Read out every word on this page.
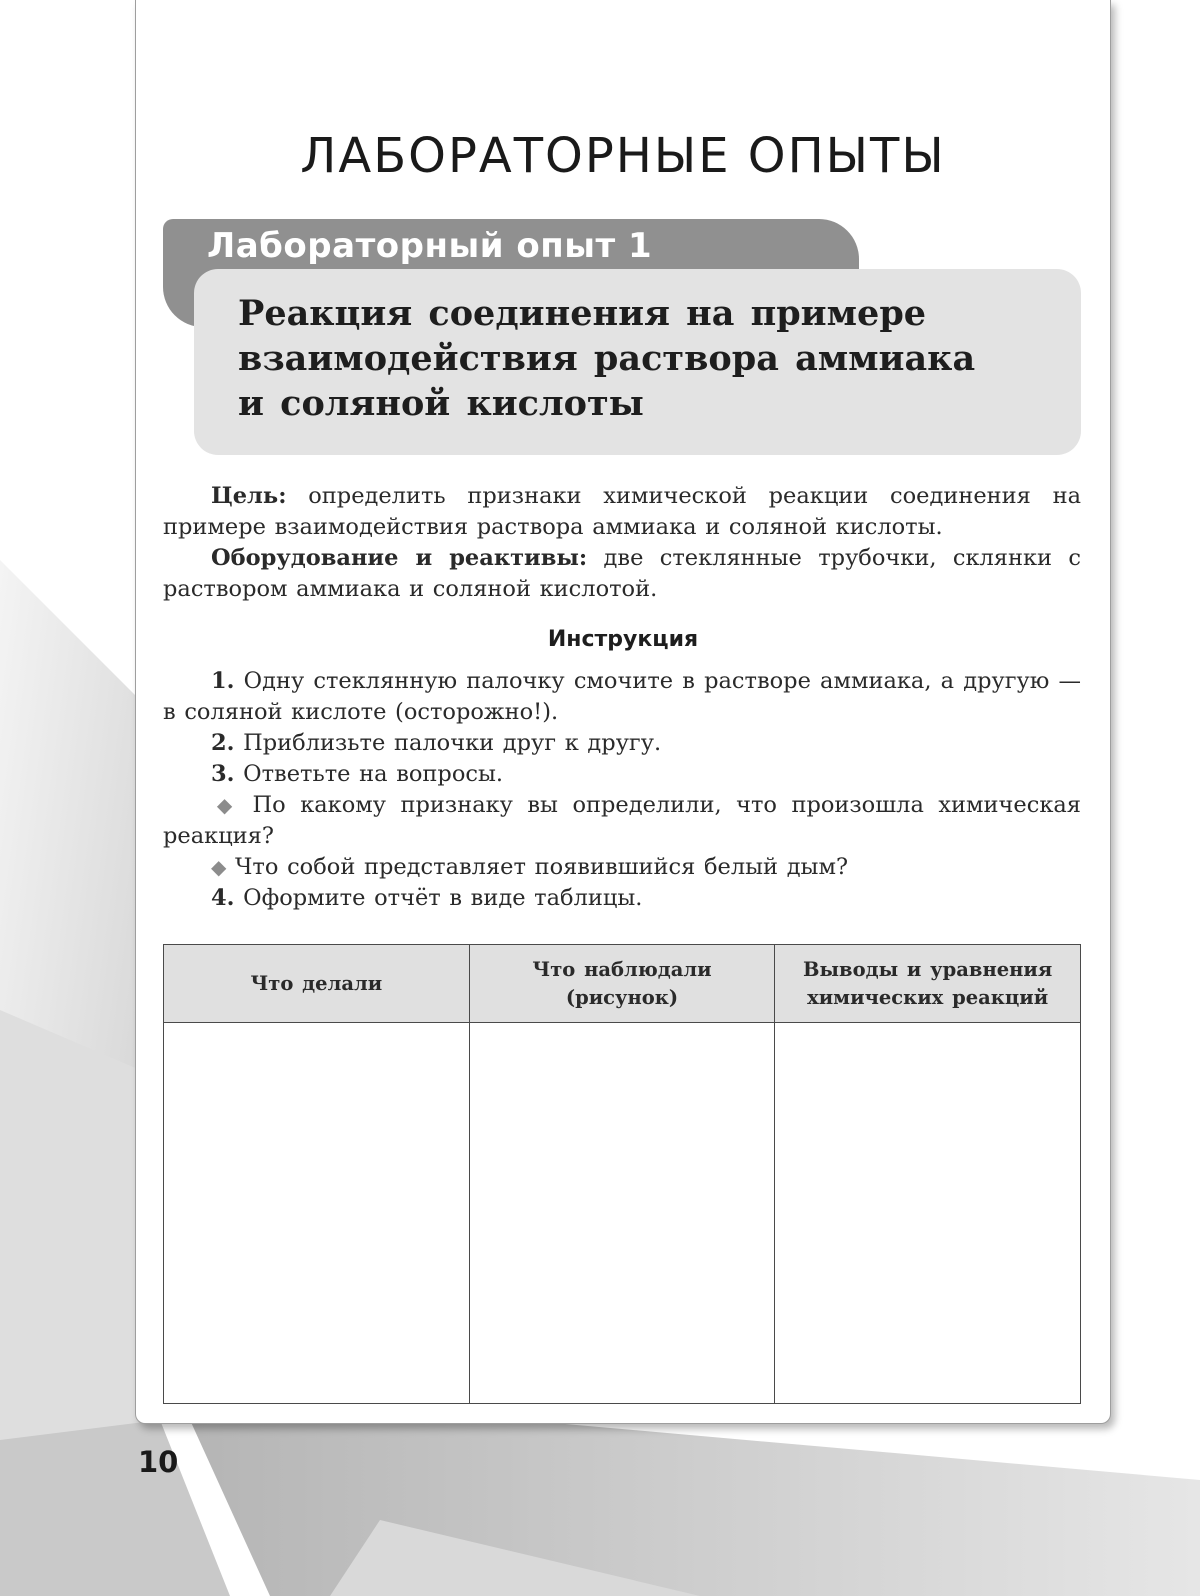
ЛАБОРАТОРНЫЕ ОПЫТЫ
Лабораторный опыт 1
Реакция соединения на примере
взаимодействия раствора аммиака
и соляной кислоты

Цель: определить признаки химической реакции соединения на примере взаимодействия раствора аммиака и соляной кислоты.

Оборудование и реактивы: две стеклянные трубочки, склянки с раствором аммиака и соляной кислотой.

Инструкция

1. Одну стеклянную палочку смочите в растворе аммиака, а другую — в соляной кислоте (осторожно!).

2. Приблизьте палочки друг к другу.

3. Ответьте на вопросы.

◆ По какому признаку вы определили, что произошла химическая реакция?

◆ Что собой представляет появившийся белый дым?

4. Оформите отчёт в виде таблицы.

Что делали	Что наблюдали (рисунок)	Выводы и уравнения химических реакций

10
